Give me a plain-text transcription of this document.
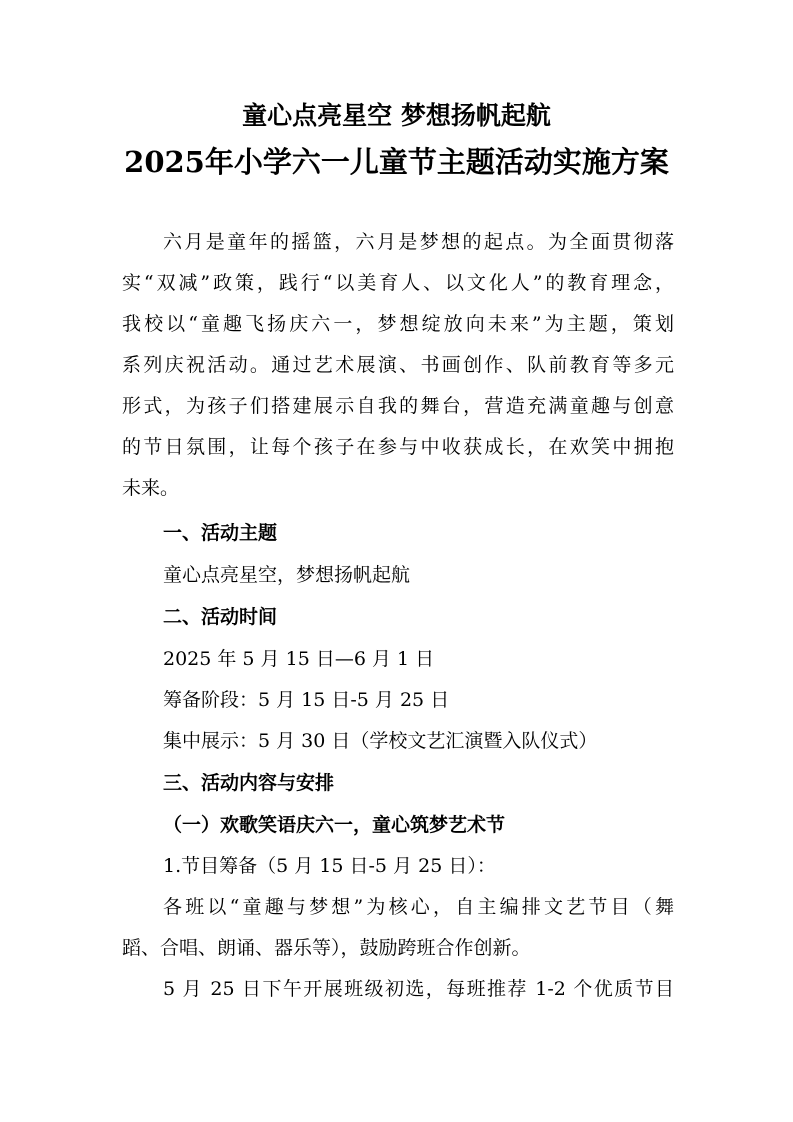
童心点亮星空 梦想扬帆起航
2025年小学六一儿童节主题活动实施方案
六月是童年的摇篮，六月是梦想的起点。为全面贯彻落
实“双减”政策，践行“以美育人、以文化人”的教育理念，
我校以“童趣飞扬庆六一，梦想绽放向未来”为主题，策划
系列庆祝活动。通过艺术展演、书画创作、队前教育等多元
形式，为孩子们搭建展示自我的舞台，营造充满童趣与创意
的节日氛围，让每个孩子在参与中收获成长，在欢笑中拥抱
未来。
一、活动主题
童心点亮星空，梦想扬帆起航
二、活动时间
2025 年 5 月 15 日—6 月 1 日
筹备阶段：5 月 15 日-5 月 25 日
集中展示：5 月 30 日（学校文艺汇演暨入队仪式）
三、活动内容与安排
（一）欢歌笑语庆六一，童心筑梦艺术节
1.节目筹备（5 月 15 日-5 月 25 日）：
各班以“童趣与梦想”为核心，自主编排文艺节目（舞
蹈、合唱、朗诵、器乐等），鼓励跨班合作创新。
5 月 25 日下午开展班级初选，每班推荐 1-2 个优质节目
